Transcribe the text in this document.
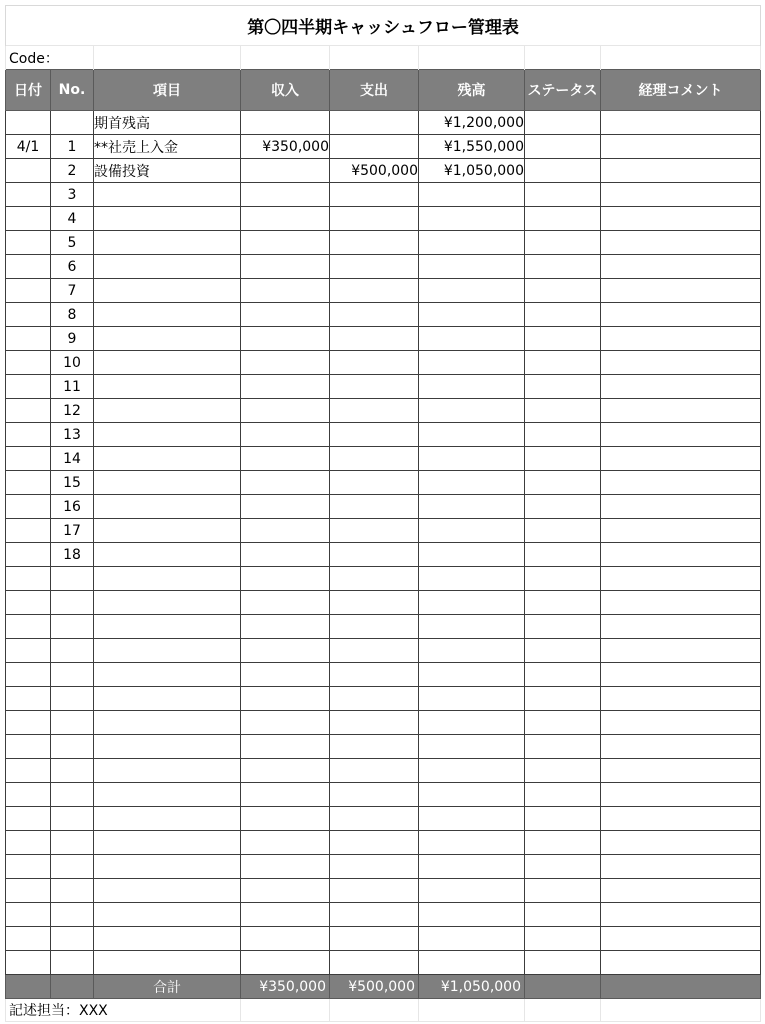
第〇四半期キャッシュフロー管理表							
Code：							
日付	No.	項目	収入	支出	残高	ステータス	経理コメント
		期首残高			¥1,200,000		
4/1	1	**社売上入金	¥350,000		¥1,550,000		
	2	設備投資		¥500,000	¥1,050,000		
	3						
	4						
	5						
	6						
	7						
	8						
	9						
	10						
	11						
	12						
	13						
	14						
	15						
	16						
	17						
	18						

		合計	¥350,000	¥500,000	¥1,050,000		
記述担当：XXX							
